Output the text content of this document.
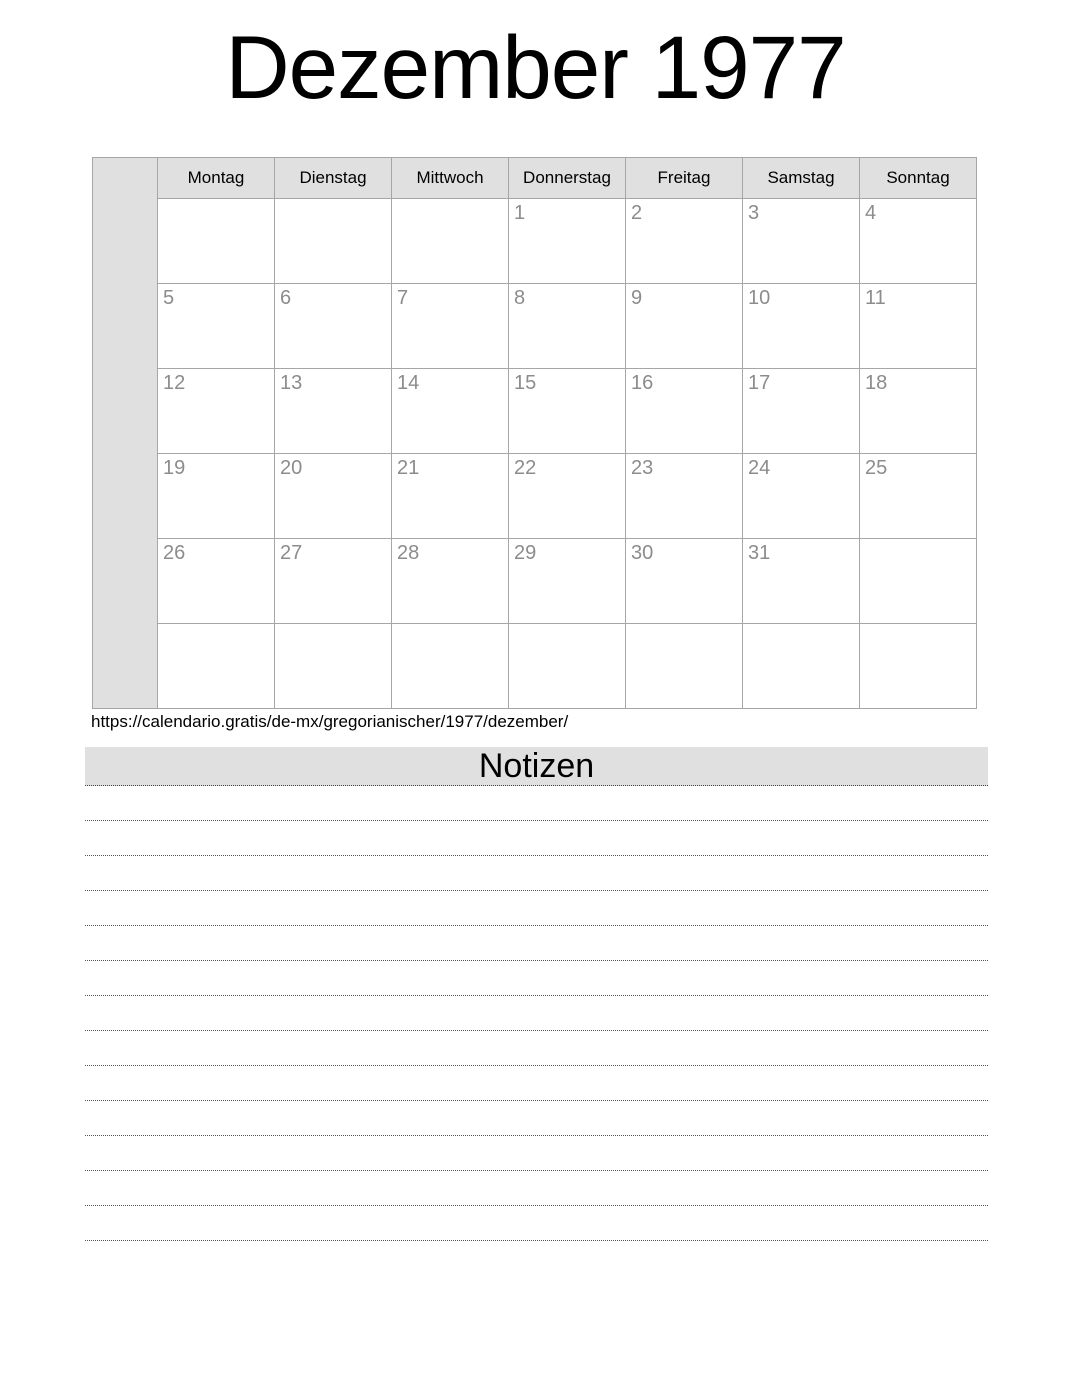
Dezember 1977
	Montag	Dienstag	Mittwoch	Donnerstag	Freitag	Samstag	Sonntag
				1	2	3	4
	5	6	7	8	9	10	11
	12	13	14	15	16	17	18
	19	20	21	22	23	24	25
	26	27	28	29	30	31	

https://calendario.gratis/de-mx/gregorianischer/1977/dezember/
Notizen
